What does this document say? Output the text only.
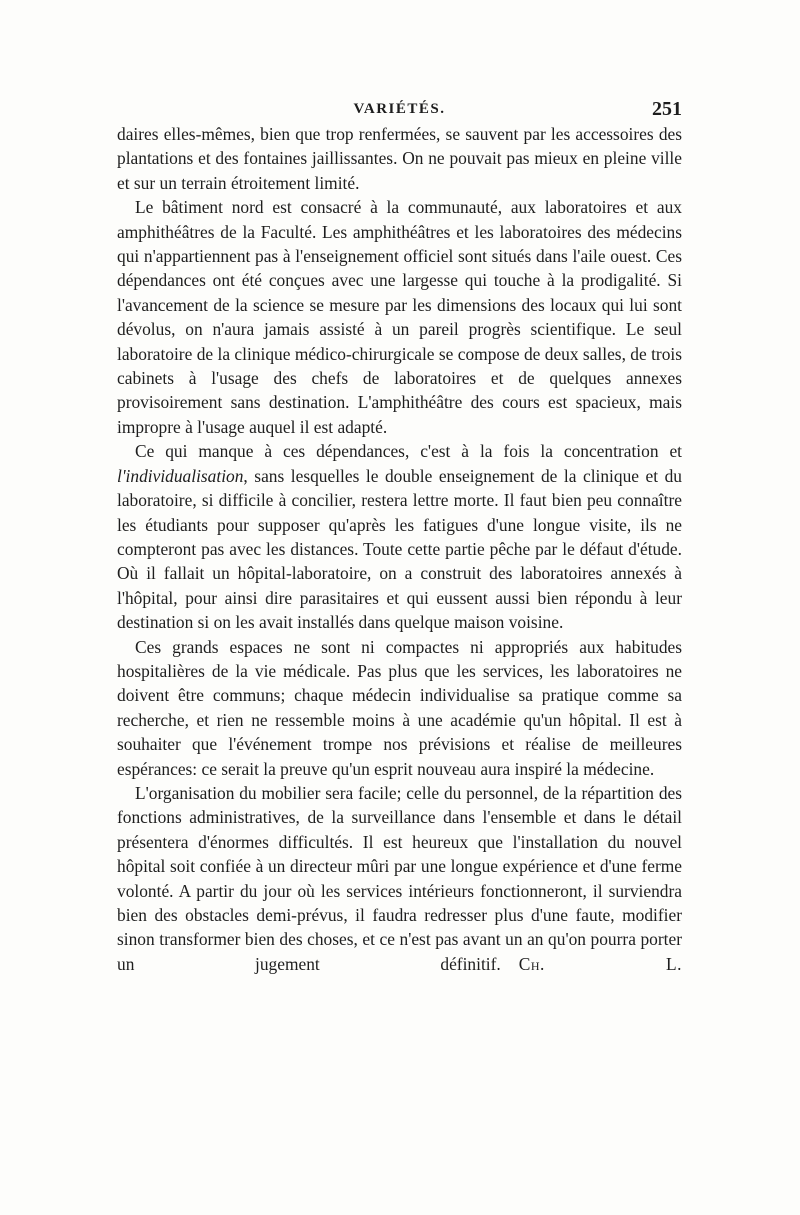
VARIÉTÉS.	251

daires elles-mêmes, bien que trop renfermées, se sauvent par les accessoires des plantations et des fontaines jaillissantes. On ne pouvait pas mieux en pleine ville et sur un terrain étroitement limité.

Le bâtiment nord est consacré à la communauté, aux laboratoires et aux amphithéâtres de la Faculté. Les amphithéâtres et les laboratoires des médecins qui n'appartiennent pas à l'enseignement officiel sont situés dans l'aile ouest. Ces dépendances ont été conçues avec une largesse qui touche à la prodigalité. Si l'avancement de la science se mesure par les dimensions des locaux qui lui sont dévolus, on n'aura jamais assisté à un pareil progrès scientifique. Le seul laboratoire de la clinique médico-chirurgicale se compose de deux salles, de trois cabinets à l'usage des chefs de laboratoires et de quelques annexes provisoirement sans destination. L'amphithéâtre des cours est spacieux, mais impropre à l'usage auquel il est adapté.

Ce qui manque à ces dépendances, c'est à la fois la concentration et l'individualisation, sans lesquelles le double enseignement de la clinique et du laboratoire, si difficile à concilier, restera lettre morte. Il faut bien peu connaître les étudiants pour supposer qu'après les fatigues d'une longue visite, ils ne compteront pas avec les distances. Toute cette partie pêche par le défaut d'étude. Où il fallait un hôpital-laboratoire, on a construit des laboratoires annexés à l'hôpital, pour ainsi dire parasitaires et qui eussent aussi bien répondu à leur destination si on les avait installés dans quelque maison voisine.

Ces grands espaces ne sont ni compactes ni appropriés aux habitudes hospitalières de la vie médicale. Pas plus que les services, les laboratoires ne doivent être communs; chaque médecin individualise sa pratique comme sa recherche, et rien ne ressemble moins à une académie qu'un hôpital. Il est à souhaiter que l'événement trompe nos prévisions et réalise de meilleures espérances: ce serait la preuve qu'un esprit nouveau aura inspiré la médecine.

L'organisation du mobilier sera facile; celle du personnel, de la répartition des fonctions administratives, de la surveillance dans l'ensemble et dans le détail présentera d'énormes difficultés. Il est heureux que l'installation du nouvel hôpital soit confiée à un directeur mûri par une longue expérience et d'une ferme volonté. A partir du jour où les services intérieurs fonctionneront, il surviendra bien des obstacles demi-prévus, il faudra redresser plus d'une faute, modifier sinon transformer bien des choses, et ce n'est pas avant un an qu'on pourra porter un jugement définitif. Ch. L.
